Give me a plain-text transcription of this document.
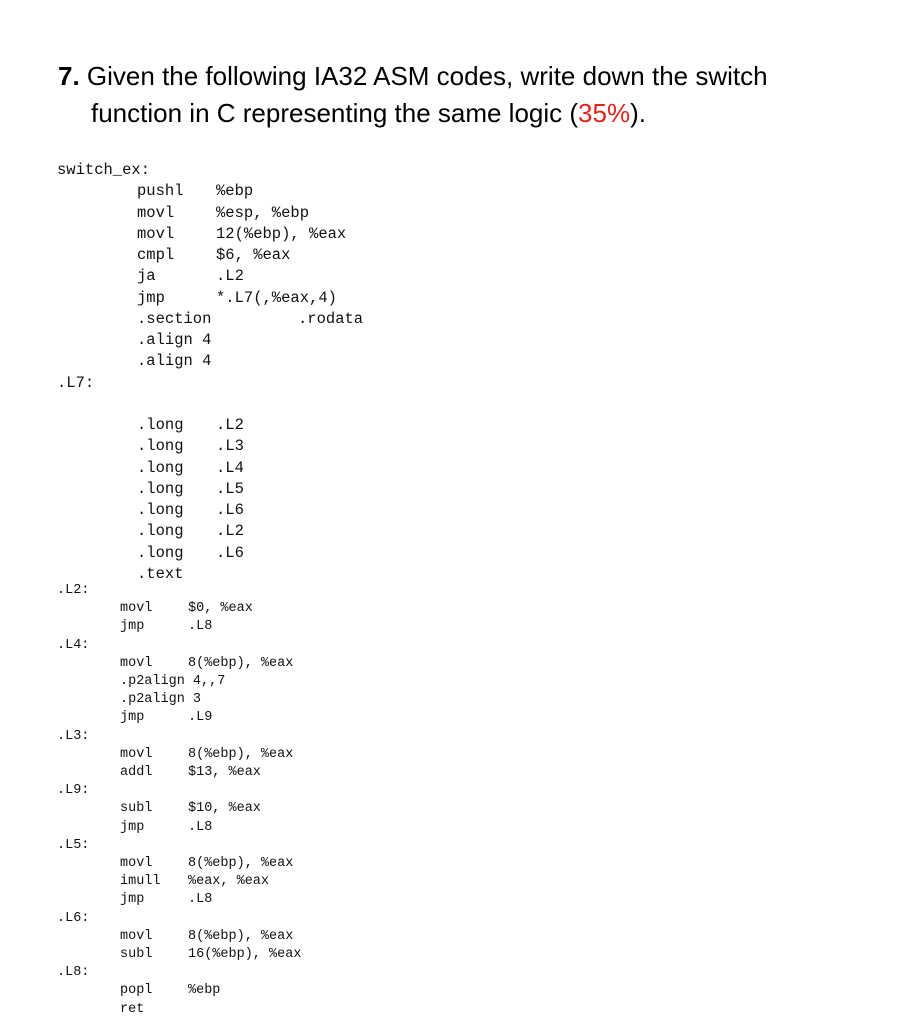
7. Given the following IA32 ASM codes, write down the switch
function in C representing the same logic (35%).
switch_ex:
pushl %ebp
movl	%esp, %ebp
movl	12(%ebp), %eax
cmpl	$6, %eax
ja	.L2
jmp	*.L7(,%eax,4)
.section	.rodata
.align 4
.align 4
.L7:
.long .L2
.long .L3
.long .L4
.long .L5
.long .L6
.long .L2
.long .L6
.text
.L2:
movl	$0, %eax
jmp	.L8
.L4:
movl	8(%ebp), %eax
.p2align 4,,7
.p2align 3
jmp	.L9
.L3:
movl	8(%ebp), %eax
addl	$13, %eax
.L9:
subl	$10, %eax
jmp	.L8
.L5:
movl	8(%ebp), %eax
imull %eax, %eax
jmp	.L8
.L6:
movl	8(%ebp), %eax
subl	16(%ebp), %eax
.L8:
popl	%ebp
ret
